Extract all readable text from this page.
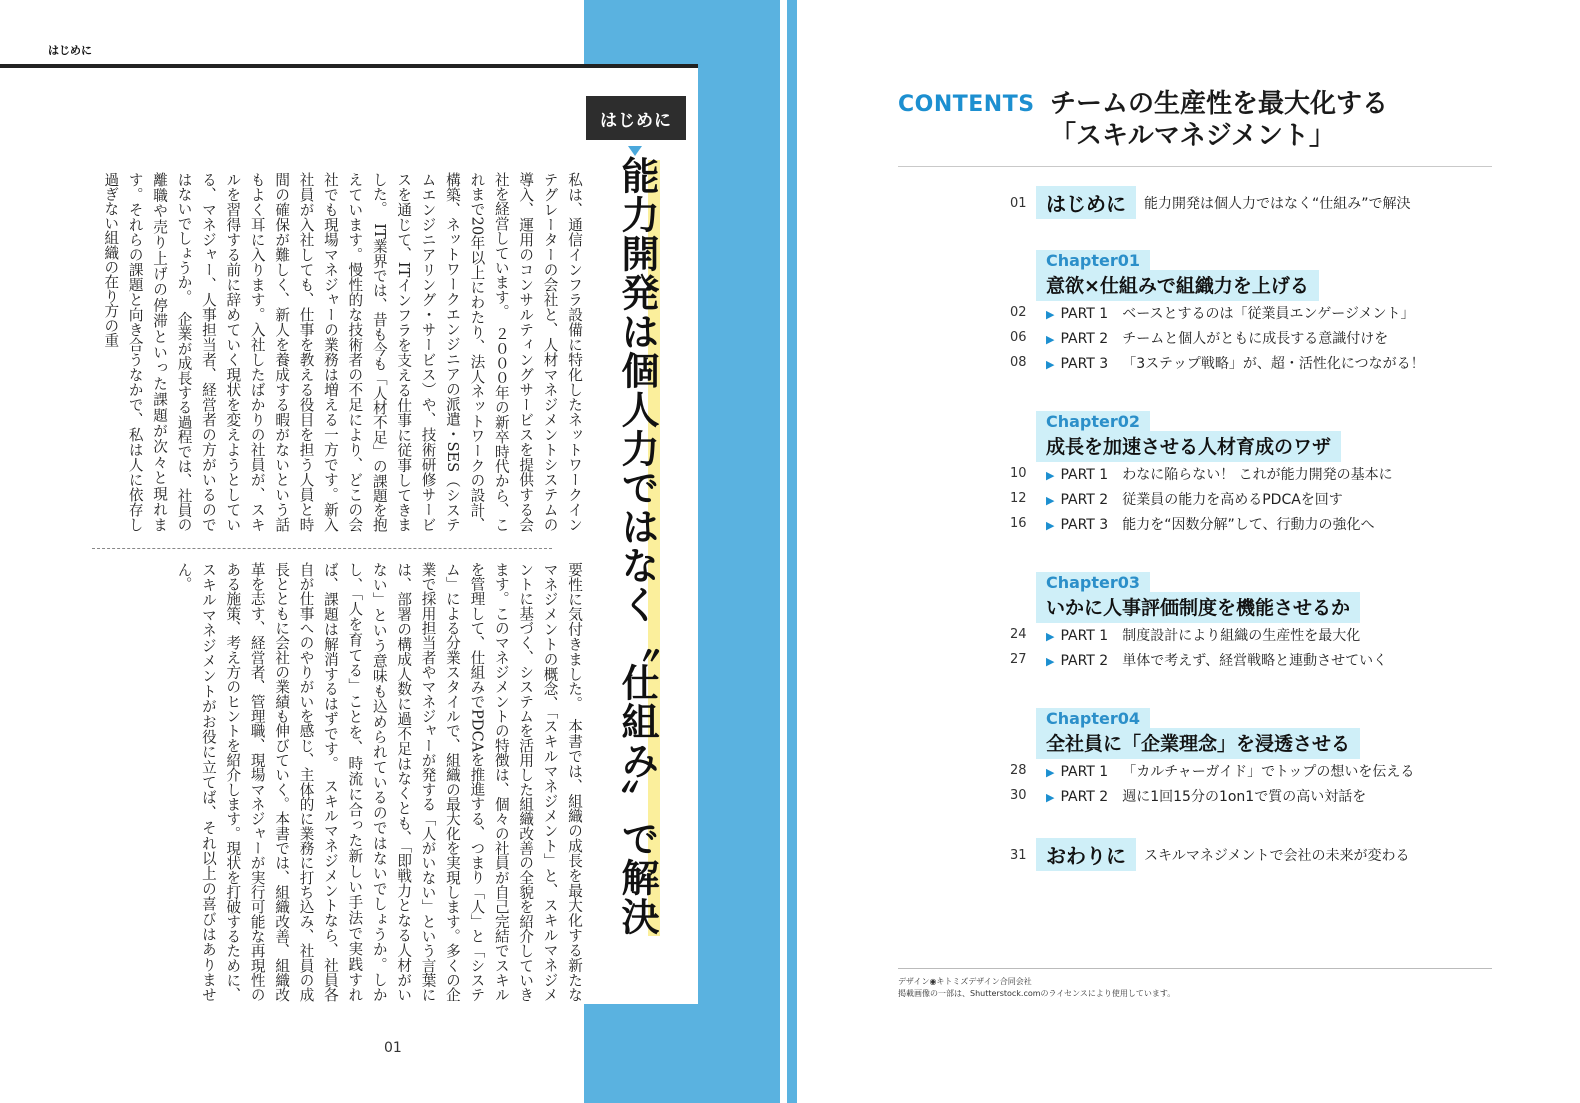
はじめに
はじめに
能力開発は個人力ではなく〝仕組み〟で解決
私は、通信インフラ設備に特化したネットワークインテグレーターの会社と、人材マネジメントシステムの導入、運用のコンサルティングサービスを提供する会社を経営しています。　２０００年の新卒時代から、これまで20年以上にわたり、法人ネットワークの設計、構築、ネットワークエンジニアの派遣・SES（システムエンジニアリング・サービス）や、技術研修サービスを通じて、ITインフラを支える仕事に従事してきました。　IT業界では、昔も今も「人材不足」の課題を抱えています。慢性的な技術者の不足により、どこの会社でも現場マネジャーの業務は増える一方です。新入社員が入社しても、仕事を教える役目を担う人員と時間の確保が難しく、新人を養成する暇がないという話もよく耳に入ります。入社したばかりの社員が、スキルを習得する前に辞めていく現状を変えようとしている、マネジャー、人事担当者、経営者の方がいるのではないでしょうか。　企業が成長する過程では、社員の離職や売り上げの停滞といった課題が次々と現れます。それらの課題と向き合うなかで、私は人に依存し過ぎない組織の在り方の重
要性に気付きました。　本書では、組織の成長を最大化する新たなマネジメントの概念、「スキルマネジメント」と、スキルマネジメントに基づく、システムを活用した組織改善の全貌を紹介していきます。このマネジメントの特徴は、個々の社員が自己完結でスキルを管理して、仕組みでPDCAを推進する、つまり「人」と「システム」による分業スタイルで、組織の最大化を実現します。多くの企業で採用担当者やマネジャーが発する「人がいない」という言葉には、部署の構成人数に過不足はなくとも、「即戦力となる人材がいない」という意味も込められているのではないでしょうか。しかし、「人を育てる」ことを、時流に合った新しい手法で実践すれば、課題は解消するはずです。　スキルマネジメントなら、社員各自が仕事へのやりがいを感じ、主体的に業務に打ち込み、社員の成長とともに会社の業績も伸びていく。本書では、組織改善、組織改革を志す、経営者、管理職、現場マネジャーが実行可能な再現性のある施策、考え方のヒントを紹介します。現状を打破するために、スキルマネジメントがお役に立てば、それ以上の喜びはありません。
01
CONTENTS チームの生産性を最大化する
「スキルマネジメント」
01 はじめに	能力開発は個人力ではなく“仕組み”で解決
Chapter01
意欲×仕組みで組織力を上げる
02	▶ PART 1 ベースとするのは「従業員エンゲージメント」
06	▶ PART 2 チームと個人がともに成長する意識付けを
08	▶ PART 3 「3ステップ戦略」が、超・活性化につながる！
Chapter02
成長を加速させる人材育成のワザ
10	▶ PART 1 わなに陥らない！ これが能力開発の基本に
12	▶ PART 2 従業員の能力を高めるPDCAを回す
16	▶ PART 3 能力を“因数分解”して、行動力の強化へ
Chapter03
いかに人事評価制度を機能させるか
24	▶ PART 1 制度設計により組織の生産性を最大化
27	▶ PART 2 単体で考えず、経営戦略と連動させていく
Chapter04
全社員に「企業理念」を浸透させる
28	▶ PART 1 「カルチャーガイド」でトップの想いを伝える
30	▶ PART 2 週に1回15分の1on1で質の高い対話を
31 おわりに	スキルマネジメントで会社の未来が変わる
デザイン◉キトミズデザイン合同会社
掲載画像の一部は、Shutterstock.comのライセンスにより使用しています。
